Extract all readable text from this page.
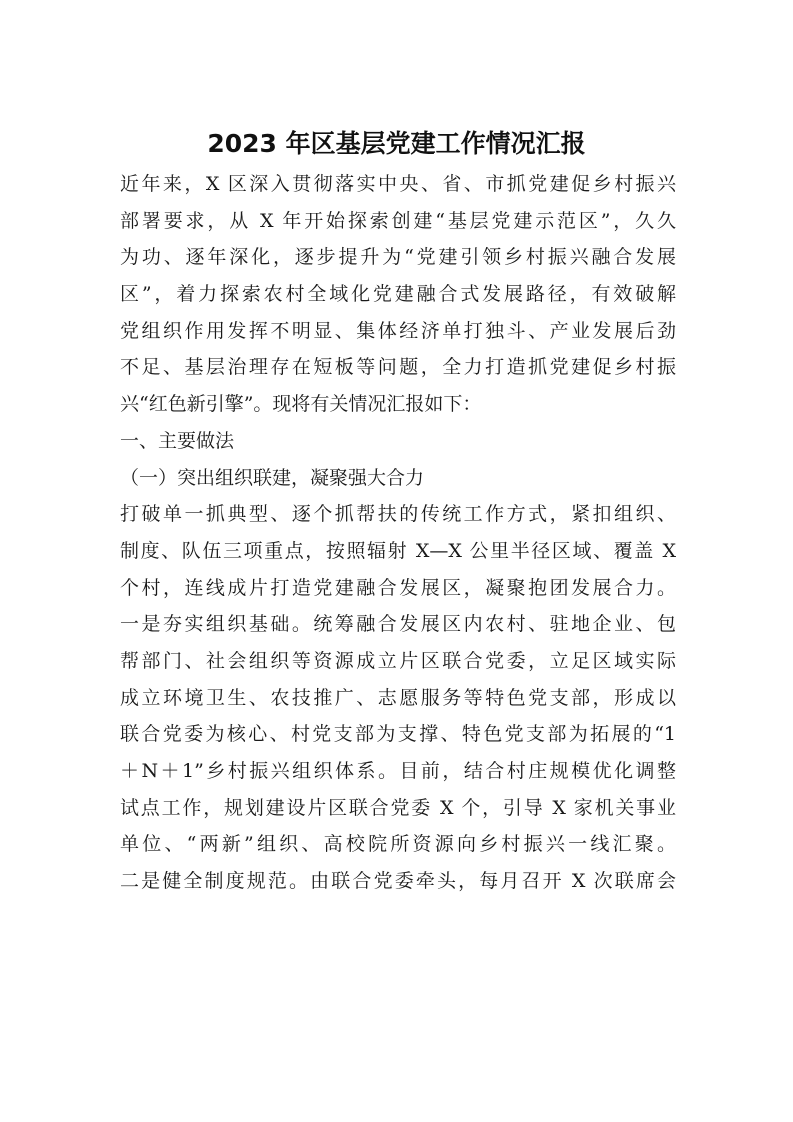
2023 年区基层党建工作情况汇报
近年来，X 区深入贯彻落实中央、省、市抓党建促乡村振兴
部署要求，从 X 年开始探索创建“基层党建示范区”，久久
为功、逐年深化，逐步提升为“党建引领乡村振兴融合发展
区”，着力探索农村全域化党建融合式发展路径，有效破解
党组织作用发挥不明显、集体经济单打独斗、产业发展后劲
不足、基层治理存在短板等问题，全力打造抓党建促乡村振
兴“红色新引擎”。现将有关情况汇报如下：
一、主要做法
（一）突出组织联建，凝聚强大合力
打破单一抓典型、逐个抓帮扶的传统工作方式，紧扣组织、
制度、队伍三项重点，按照辐射 X—X 公里半径区域、覆盖 X
个村，连线成片打造党建融合发展区，凝聚抱团发展合力。
一是夯实组织基础。统筹融合发展区内农村、驻地企业、包
帮部门、社会组织等资源成立片区联合党委，立足区域实际
成立环境卫生、农技推广、志愿服务等特色党支部，形成以
联合党委为核心、村党支部为支撑、特色党支部为拓展的“1
＋N＋1”乡村振兴组织体系。目前，结合村庄规模优化调整
试点工作，规划建设片区联合党委 X 个，引导 X 家机关事业
单位、“两新”组织、高校院所资源向乡村振兴一线汇聚。
二是健全制度规范。由联合党委牵头，每月召开 X 次联席会
